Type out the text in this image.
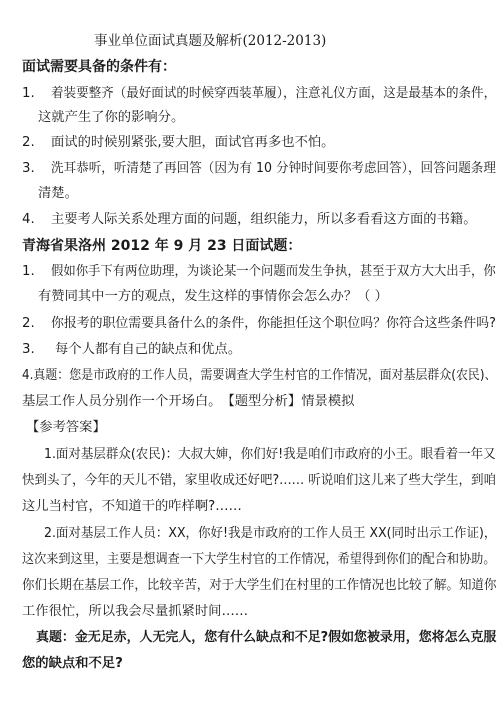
事业单位面试真题及解析(2012-2013)
面试需要具备的条件有：
1. 着装要整齐（最好面试的时候穿西装革履），注意礼仪方面，这是最基本的条件，
这就产生了你的影响分。
2. 面试的时候别紧张,要大胆，面试官再多也不怕。
3. 洗耳恭听，听清楚了再回答（因为有 10 分钟时间要你考虑回答），回答问题条理
清楚。
4. 主要考人际关系处理方面的问题，组织能力，所以多看看这方面的书籍。
青海省果洛州 2012 年 9 月 23 日面试题：
1. 假如你手下有两位助理，为谈论某一个问题而发生争执，甚至于双方大大出手，你
有赞同其中一方的观点，发生这样的事情你会怎么办？（ ）
2. 你报考的职位需要具备什么的条件，你能担任这个职位吗？你符合这些条件吗?
3. 每个人都有自己的缺点和优点。
4.真题：您是市政府的工作人员，需要调查大学生村官的工作情况，面对基层群众(农民)、
基层工作人员分别作一个开场白。　【题型分析】情景模拟
【参考答案】
1.面对基层群众(农民)：大叔大婶，你们好!我是咱们市政府的小王。眼看着一年又
快到头了，今年的天儿不错，家里收成还好吧?…… 听说咱们这儿来了些大学生，到咱
这儿当村官，不知道干的咋样啊?……
2.面对基层工作人员：XX，你好!我是市政府的工作人员王 XX(同时出示工作证)，
这次来到这里，主要是想调查一下大学生村官的工作情况，希望得到你们的配合和协助。
你们长期在基层工作，比较辛苦，对于大学生们在村里的工作情况也比较了解。知道你
工作很忙，所以我会尽量抓紧时间……
真题：金无足赤，人无完人，您有什么缺点和不足?假如您被录用，您将怎么克服
您的缺点和不足?
